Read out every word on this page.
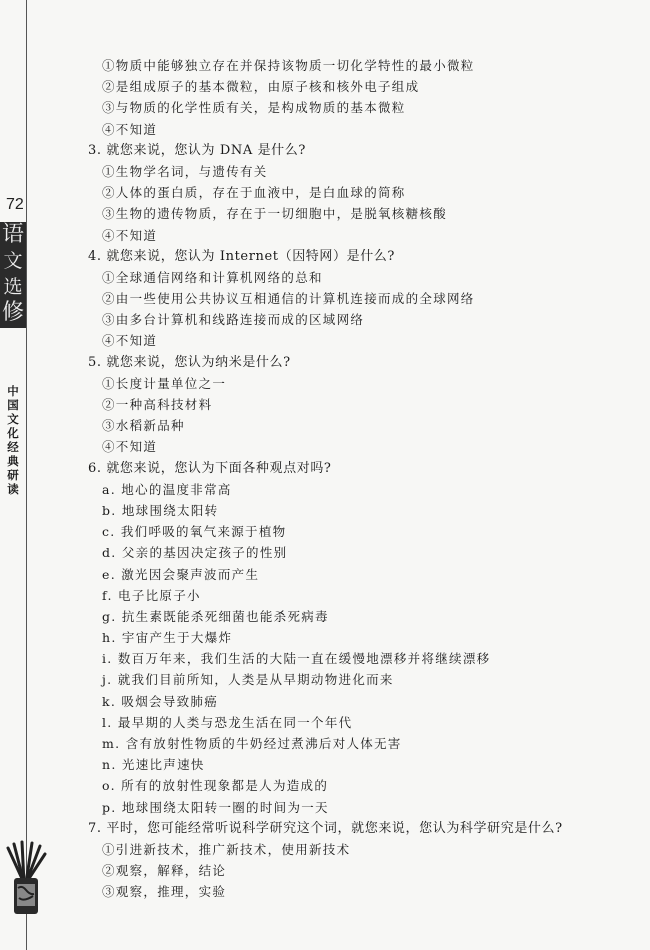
72
语
文
选
修
中
国
文
化
经
典
研
读
①物质中能够独立存在并保持该物质一切化学特性的最小微粒
②是组成原子的基本微粒，由原子核和核外电子组成
③与物质的化学性质有关，是构成物质的基本微粒
④不知道
3. 就您来说，您认为 DNA 是什么?
①生物学名词，与遗传有关
②人体的蛋白质，存在于血液中，是白血球的简称
③生物的遗传物质，存在于一切细胞中，是脱氧核糖核酸
④不知道
4. 就您来说，您认为 Internet（因特网）是什么?
①全球通信网络和计算机网络的总和
②由一些使用公共协议互相通信的计算机连接而成的全球网络
③由多台计算机和线路连接而成的区域网络
④不知道
5. 就您来说，您认为纳米是什么?
①长度计量单位之一
②一种高科技材料
③水稻新品种
④不知道
6. 就您来说，您认为下面各种观点对吗?
a. 地心的温度非常高
b. 地球围绕太阳转
c. 我们呼吸的氧气来源于植物
d. 父亲的基因决定孩子的性别
e. 激光因会聚声波而产生
f. 电子比原子小
g. 抗生素既能杀死细菌也能杀死病毒
h. 宇宙产生于大爆炸
i. 数百万年来，我们生活的大陆一直在缓慢地漂移并将继续漂移
j. 就我们目前所知，人类是从早期动物进化而来
k. 吸烟会导致肺癌
l. 最早期的人类与恐龙生活在同一个年代
m. 含有放射性物质的牛奶经过煮沸后对人体无害
n. 光速比声速快
o. 所有的放射性现象都是人为造成的
p. 地球围绕太阳转一圈的时间为一天
7. 平时，您可能经常听说科学研究这个词，就您来说，您认为科学研究是什么?
①引进新技术，推广新技术，使用新技术
②观察，解释，结论
③观察，推理，实验
